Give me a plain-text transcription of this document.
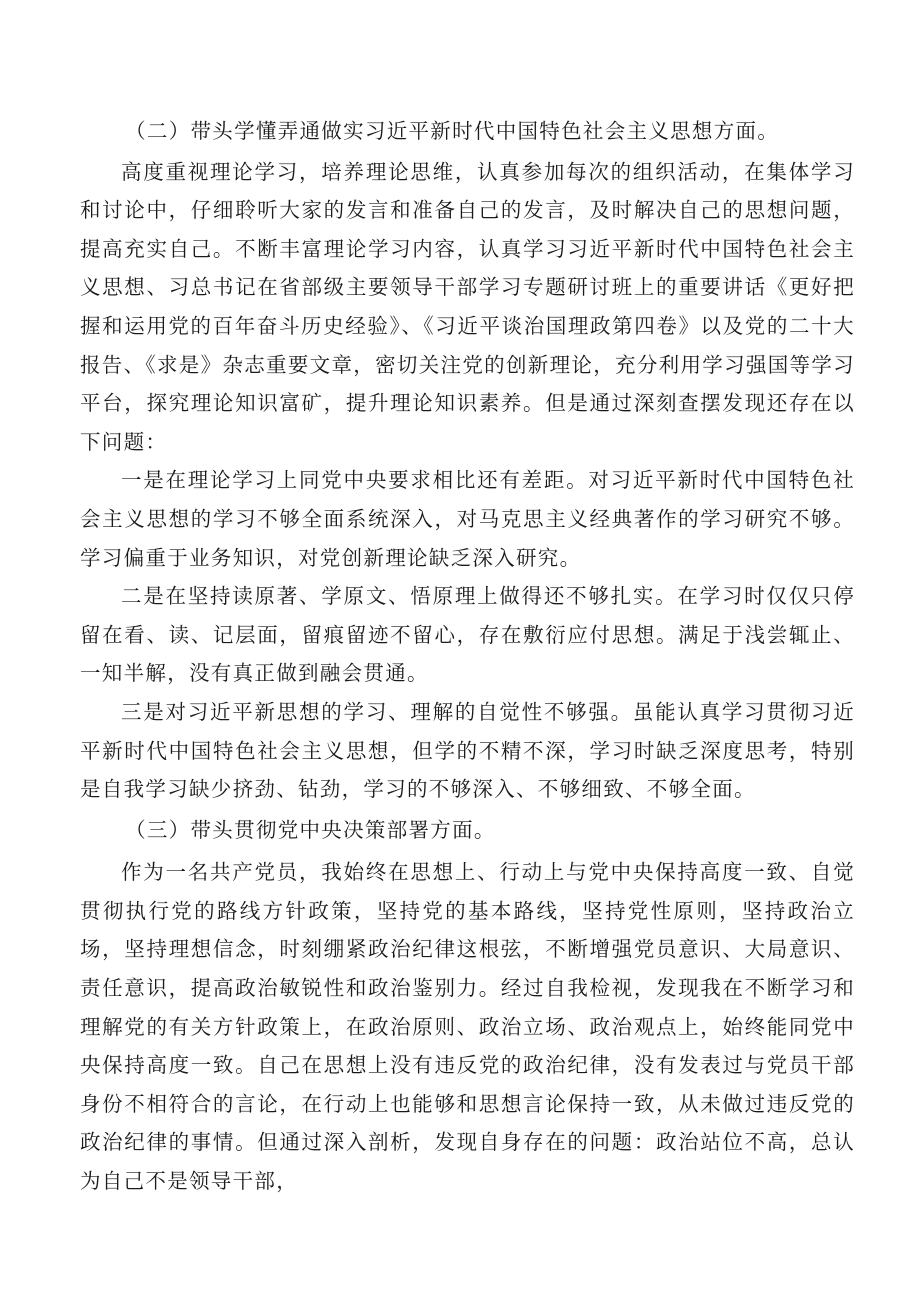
（二）带头学懂弄通做实习近平新时代中国特色社会主义思想方面。

高度重视理论学习，培养理论思维，认真参加每次的组织活动，在集体学习和讨论中，仔细聆听大家的发言和准备自己的发言，及时解决自己的思想问题，提高充实自己。不断丰富理论学习内容，认真学习习近平新时代中国特色社会主义思想、习总书记在省部级主要领导干部学习专题研讨班上的重要讲话《更好把握和运用党的百年奋斗历史经验》、《习近平谈治国理政第四卷》以及党的二十大报告、《求是》杂志重要文章，密切关注党的创新理论，充分利用学习强国等学习平台，探究理论知识富矿，提升理论知识素养。但是通过深刻查摆发现还存在以下问题：

一是在理论学习上同党中央要求相比还有差距。对习近平新时代中国特色社会主义思想的学习不够全面系统深入，对马克思主义经典著作的学习研究不够。学习偏重于业务知识，对党创新理论缺乏深入研究。

二是在坚持读原著、学原文、悟原理上做得还不够扎实。在学习时仅仅只停留在看、读、记层面，留痕留迹不留心，存在敷衍应付思想。满足于浅尝辄止、一知半解，没有真正做到融会贯通。

三是对习近平新思想的学习、理解的自觉性不够强。虽能认真学习贯彻习近平新时代中国特色社会主义思想，但学的不精不深，学习时缺乏深度思考，特别是自我学习缺少挤劲、钻劲，学习的不够深入、不够细致、不够全面。

（三）带头贯彻党中央决策部署方面。

作为一名共产党员，我始终在思想上、行动上与党中央保持高度一致、自觉贯彻执行党的路线方针政策，坚持党的基本路线，坚持党性原则，坚持政治立场，坚持理想信念，时刻绷紧政治纪律这根弦，不断增强党员意识、大局意识、责任意识，提高政治敏锐性和政治鉴别力。经过自我检视，发现我在不断学习和理解党的有关方针政策上，在政治原则、政治立场、政治观点上，始终能同党中央保持高度一致。自己在思想上没有违反党的政治纪律，没有发表过与党员干部身份不相符合的言论，在行动上也能够和思想言论保持一致，从未做过违反党的政治纪律的事情。但通过深入剖析，发现自身存在的问题：政治站位不高，总认为自己不是领导干部，
